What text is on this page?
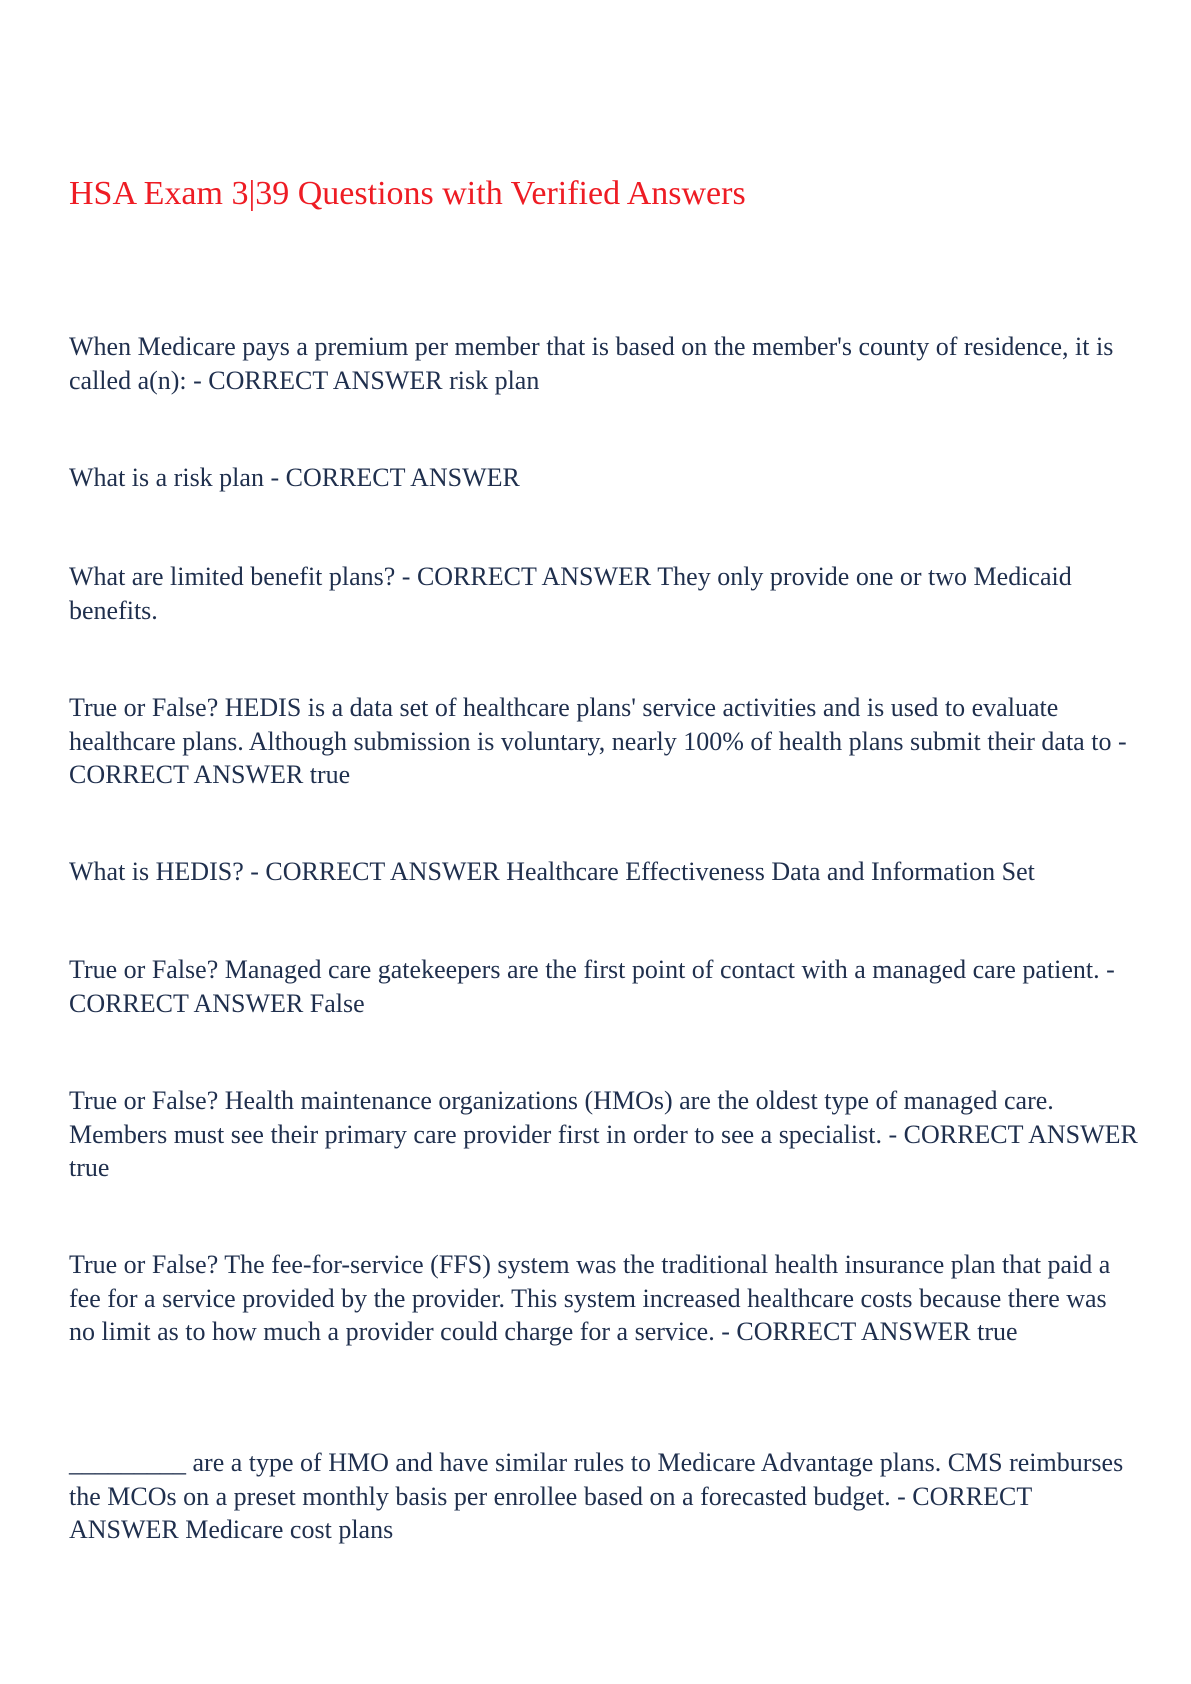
HSA Exam 3|39 Questions with Verified Answers

When Medicare pays a premium per member that is based on the member's county of residence, it is called a(n): - CORRECT ANSWER risk plan

What is a risk plan - CORRECT ANSWER

What are limited benefit plans? - CORRECT ANSWER They only provide one or two Medicaid benefits.

True or False? HEDIS is a data set of healthcare plans' service activities and is used to evaluate healthcare plans. Although submission is voluntary, nearly 100% of health plans submit their data to - CORRECT ANSWER true

What is HEDIS? - CORRECT ANSWER Healthcare Effectiveness Data and Information Set

True or False? Managed care gatekeepers are the first point of contact with a managed care patient. - CORRECT ANSWER False

True or False? Health maintenance organizations (HMOs) are the oldest type of managed care. Members must see their primary care provider first in order to see a specialist. - CORRECT ANSWER true

True or False? The fee-for-service (FFS) system was the traditional health insurance plan that paid a fee for a service provided by the provider. This system increased healthcare costs because there was no limit as to how much a provider could charge for a service. - CORRECT ANSWER true

_________ are a type of HMO and have similar rules to Medicare Advantage plans. CMS reimburses the MCOs on a preset monthly basis per enrollee based on a forecasted budget. - CORRECT ANSWER Medicare cost plans
